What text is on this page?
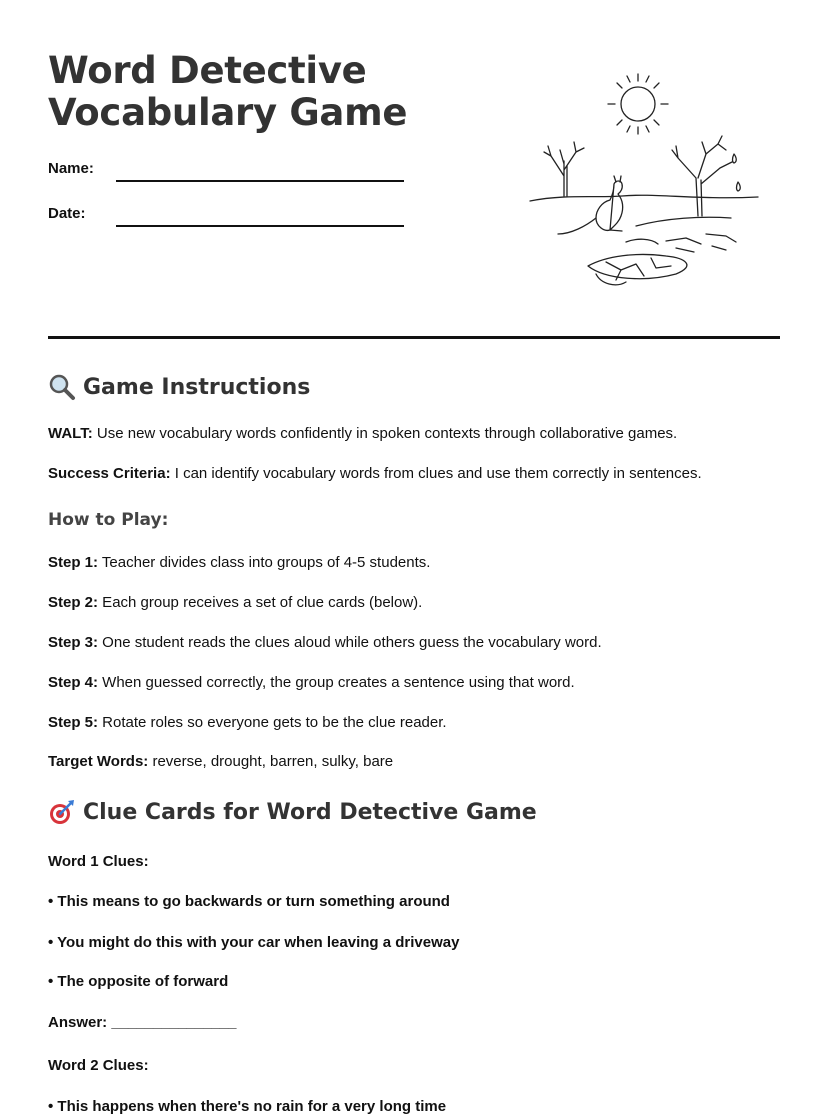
Word Detective
Vocabulary Game
Name:
Date:
Game Instructions
WALT: Use new vocabulary words confidently in spoken contexts through collaborative games.
Success Criteria: I can identify vocabulary words from clues and use them correctly in sentences.
How to Play:
Step 1: Teacher divides class into groups of 4-5 students.
Step 2: Each group receives a set of clue cards (below).
Step 3: One student reads the clues aloud while others guess the vocabulary word.
Step 4: When guessed correctly, the group creates a sentence using that word.
Step 5: Rotate roles so everyone gets to be the clue reader.
Target Words: reverse, drought, barren, sulky, bare
Clue Cards for Word Detective Game
Word 1 Clues:
• This means to go backwards or turn something around
• You might do this with your car when leaving a driveway
• The opposite of forward
Answer: _______________
Word 2 Clues:
• This happens when there's no rain for a very long time
